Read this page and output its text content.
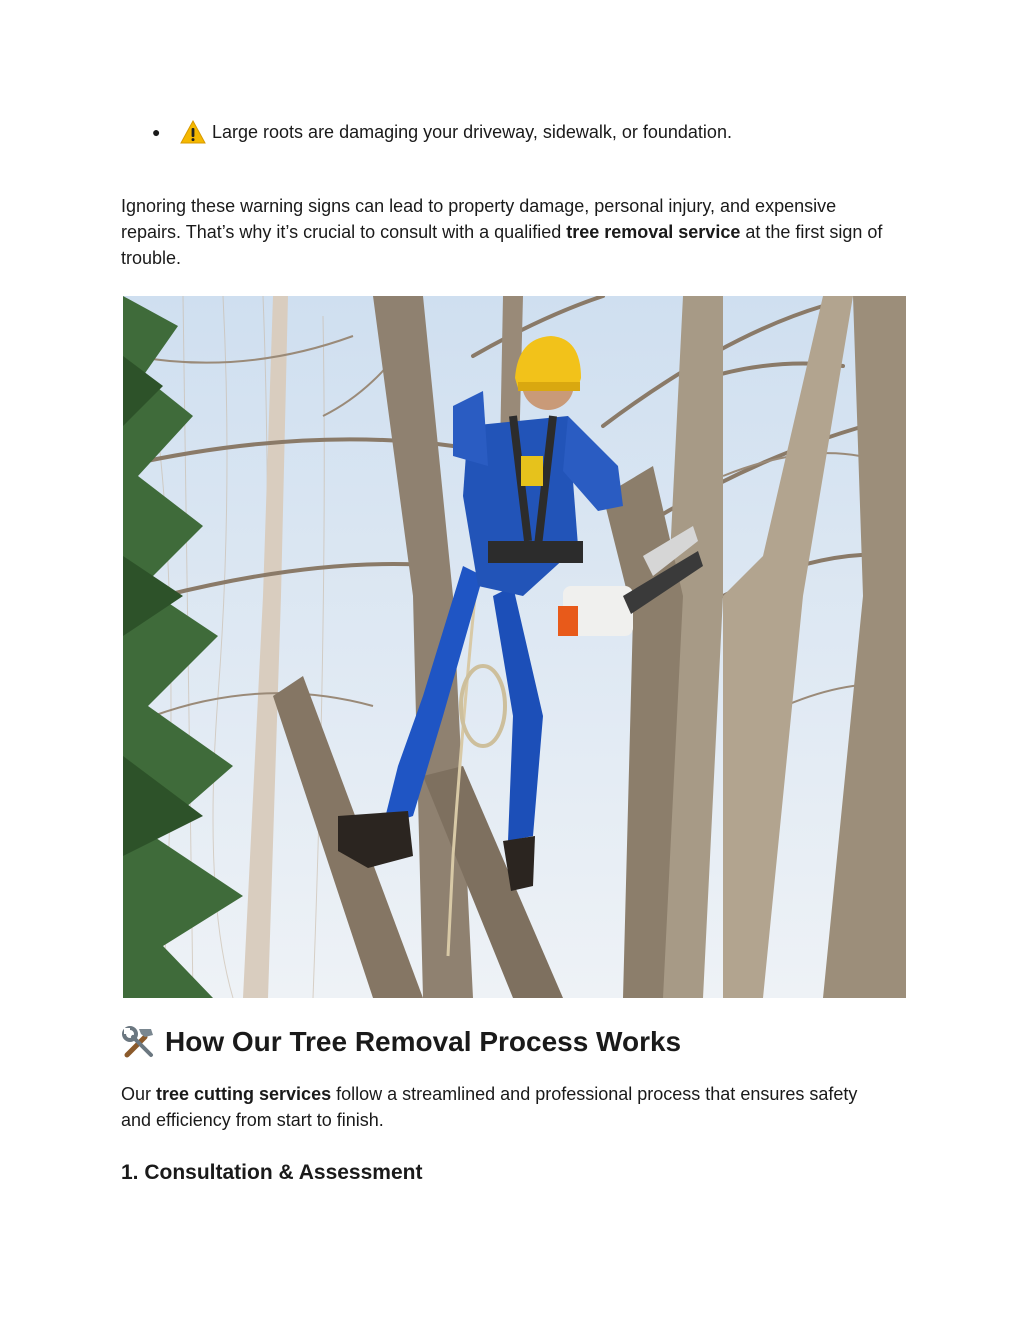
●	Large roots are damaging your driveway, sidewalk, or foundation.

Ignoring these warning signs can lead to property damage, personal injury, and expensive repairs. That’s why it’s crucial to consult with a qualified tree removal service at the first sign of trouble.

How Our Tree Removal Process Works

Our tree cutting services follow a streamlined and professional process that ensures safety and efficiency from start to finish.

1. Consultation & Assessment
